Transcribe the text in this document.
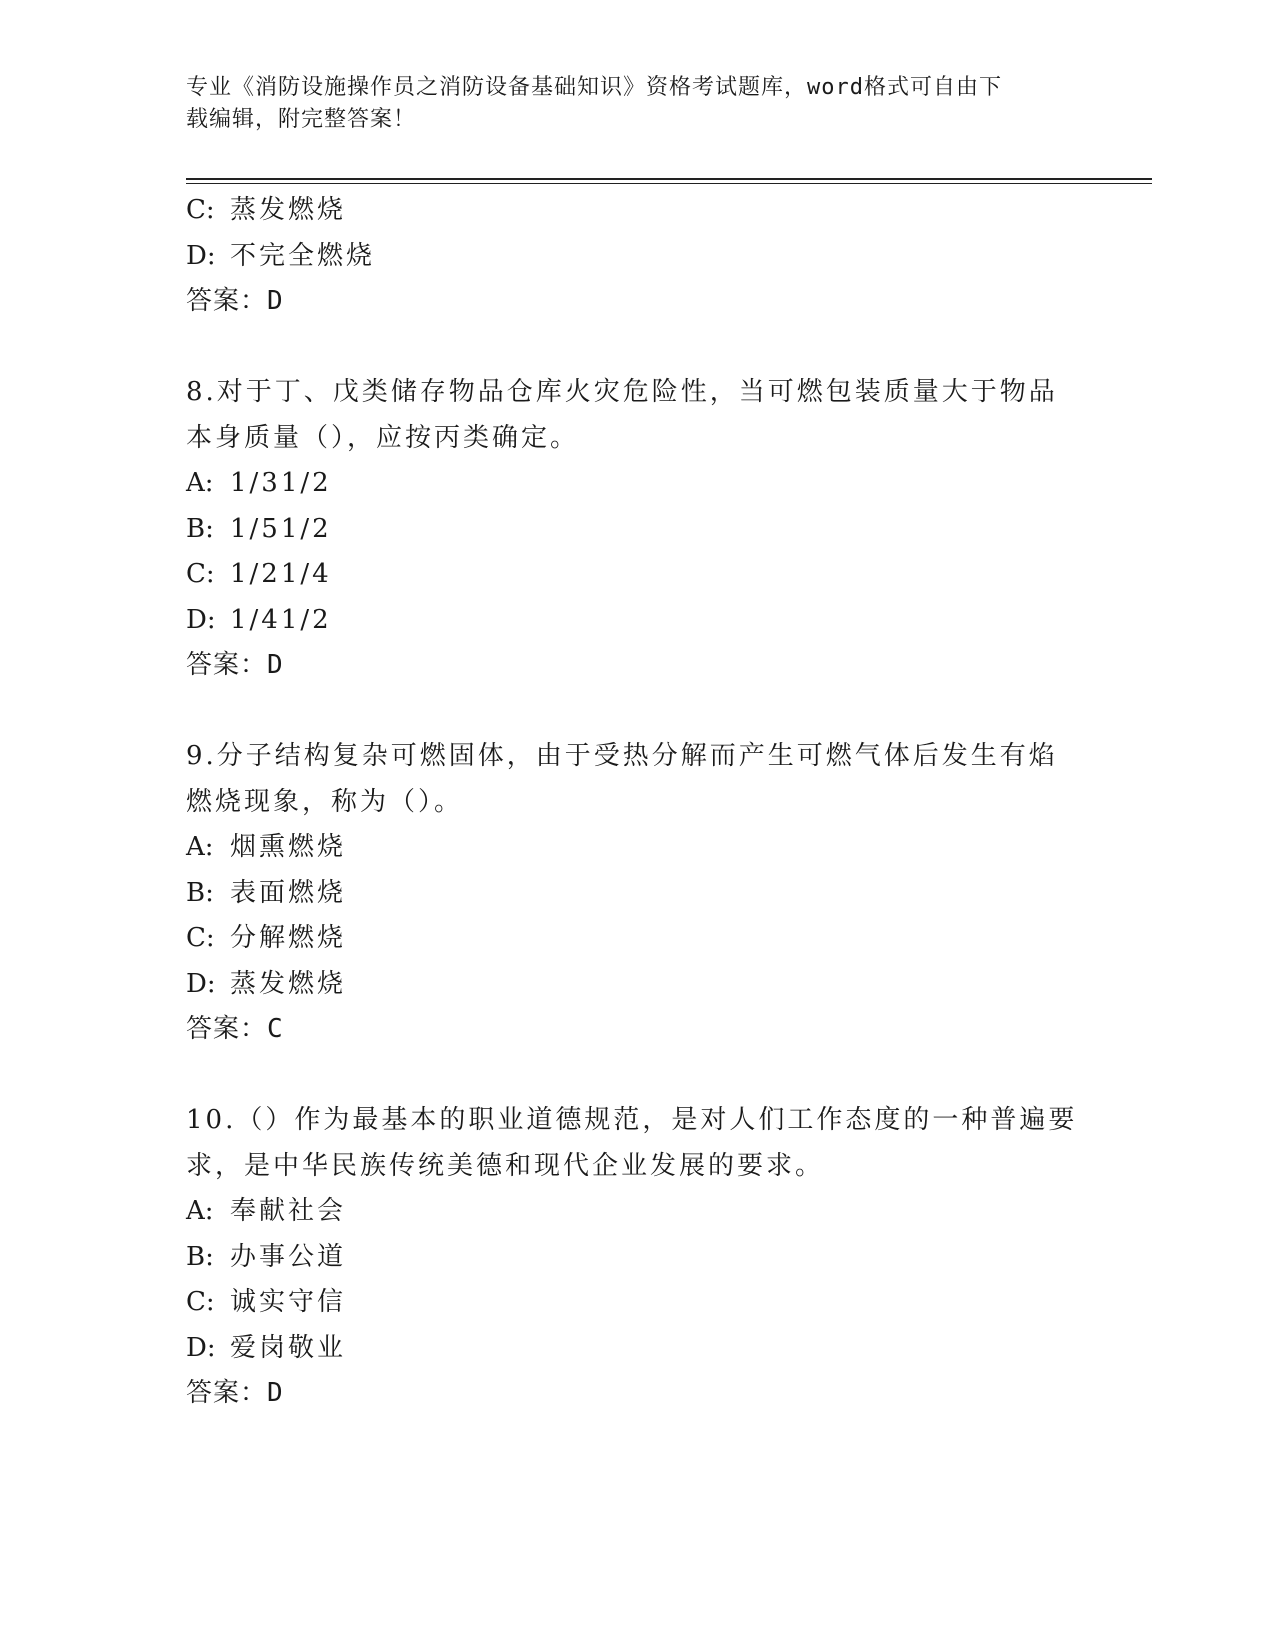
专业《消防设施操作员之消防设备基础知识》资格考试题库，word格式可自由下
载编辑，附完整答案！
C: 蒸发燃烧
D: 不完全燃烧
答案：D
8.对于丁、戊类储存物品仓库火灾危险性，当可燃包装质量大于物品
本身质量（），应按丙类确定。
A: 1/31/2
B: 1/51/2
C: 1/21/4
D: 1/41/2
答案：D
9.分子结构复杂可燃固体，由于受热分解而产生可燃气体后发生有焰
燃烧现象，称为（）。
A: 烟熏燃烧
B: 表面燃烧
C: 分解燃烧
D: 蒸发燃烧
答案：C
10.（）作为最基本的职业道德规范，是对人们工作态度的一种普遍要
求，是中华民族传统美德和现代企业发展的要求。
A: 奉献社会
B: 办事公道
C: 诚实守信
D: 爱岗敬业
答案：D
